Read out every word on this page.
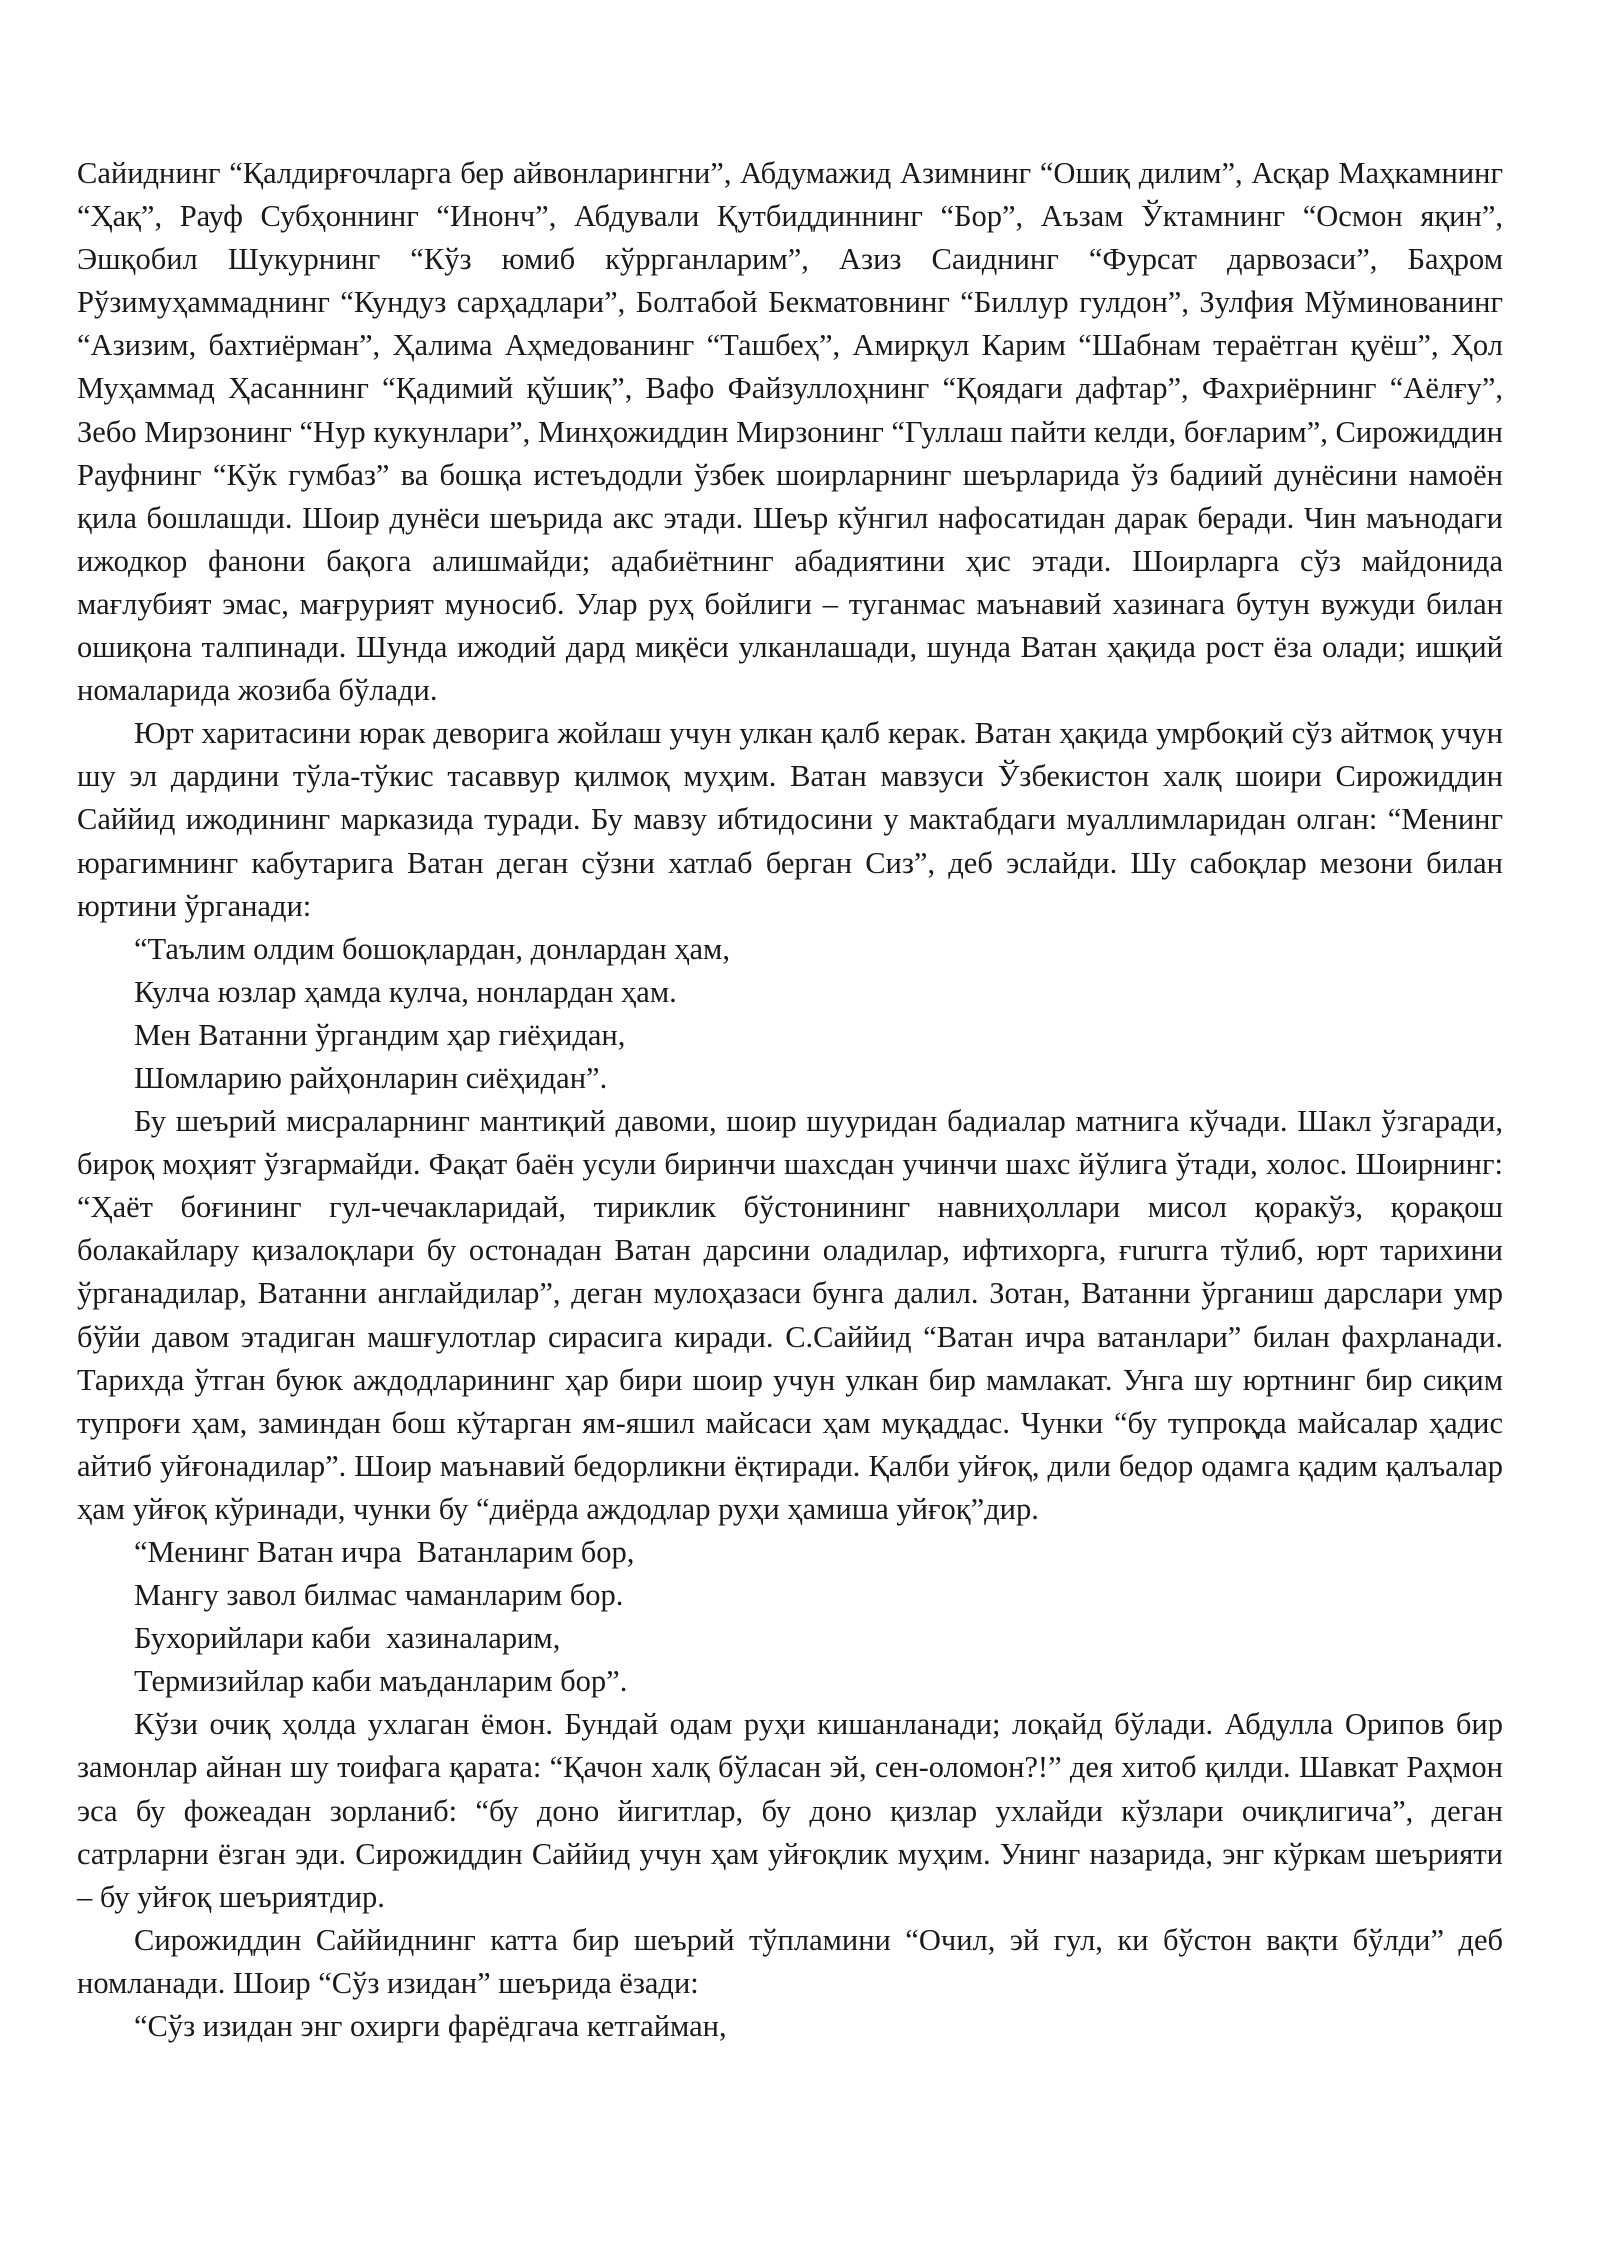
Сайиднинг “Қалдирғочларга бер айвонларингни”, Абдумажид Азимнинг “Ошиқ дилим”, Асқар Маҳкамнинг “Ҳақ”, Рауф Субҳоннинг “Инонч”, Абдували Қутбиддиннинг “Бор”, Аъзам Ўктамнинг “Осмон яқин”, Эшқобил Шукурнинг “Кўз юмиб кўррганларим”, Азиз Саиднинг “Фурсат дарвозаси”, Баҳром Рўзимуҳаммаднинг “Кундуз сарҳадлари”, Болтабой Бекматовнинг “Биллур гулдон”, Зулфия Мўминованинг “Азизим, бахтиёрман”, Ҳалима Аҳмедованинг “Ташбеҳ”, Амирқул Карим “Шабнам тераётган қуёш”, Ҳол Муҳаммад Ҳасаннинг “Қадимий қўшиқ”, Вафо Файзуллоҳнинг “Қоядаги дафтар”, Фахриёрнинг “Аёлғу”, Зебо Мирзонинг “Нур кукунлари”, Минҳожиддин Мирзонинг “Гуллаш пайти келди, боғларим”, Сирожиддин Рауфнинг “Кўк гумбаз” ва бошқа истеъдодли ўзбек шоирларнинг шеърларида ўз бадиий дунёсини намоён қила бошлашди. Шоир дунёси шеърида акс этади. Шеър кўнгил нафосатидан дарак беради. Чин маънодаги ижодкор фанони бақога алишмайди; адабиётнинг абадиятини ҳис этади. Шоирларга сўз майдонида мағлубият эмас, мағрурият муносиб. Улар руҳ бойлиги – туганмас маънавий хазинага бутун вужуди билан ошиқона талпинади. Шунда ижодий дард миқёси улканлашади, шунда Ватан ҳақида рост ёза олади; ишқий номаларида жозиба бўлади.

Юрт харитасини юрак деворига жойлаш учун улкан қалб керак. Ватан ҳақида умрбоқий сўз айтмоқ учун шу эл дардини тўла-тўкис тасаввур қилмоқ муҳим. Ватан мавзуси Ўзбекистон халқ шоири Сирожиддин Саййид ижодининг марказида туради. Бу мавзу ибтидосини у мактабдаги муаллимларидан олган: “Менинг юрагимнинг кабутарига Ватан деган сўзни хатлаб берган Сиз”, деб эслайди. Шу сабоқлар мезони билан юртини ўрганади:

“Таълим олдим бошоқлардан, донлардан ҳам,
Кулча юзлар ҳамда кулча, нонлардан ҳам.
Мен Ватанни ўргандим ҳар гиёҳидан,
Шомларию райҳонларин сиёҳидан”.

Бу шеърий мисраларнинг мантиқий давоми, шоир шууридан бадиалар матнига кўчади. Шакл ўзгаради, бироқ моҳият ўзгармайди. Фақат баён усули биринчи шахсдан учинчи шахс йўлига ўтади, холос. Шоирнинг: “Ҳаёт боғининг гул-чечакларидай, тириклик бўстонининг навниҳоллари мисол қоракўз, қорақош болакайлару қизалоқлари бу остонадан Ватан дарсини оладилар, ифтихорга, ғururга тўлиб, юрт тарихини ўрганадилар, Ватанни англайдилар”, деган мулоҳазаси бунга далил. Зотан, Ватанни ўрганиш дарслари умр бўйи давом этадиган машғулотлар сирасига киради. С.Саййид “Ватан ичра ватанлари” билан фахрланади. Тарихда ўтган буюк аждодларининг ҳар бири шоир учун улкан бир мамлакат. Унга шу юртнинг бир сиқим тупроғи ҳам, заминдан бош кўтарган ям-яшил майсаси ҳам муқаддас. Чунки “бу тупроқда майсалар ҳадис айтиб уйғонадилар”. Шоир маънавий бедорликни ёқтиради. Қалби уйғоқ, дили бедор одамга қадим қалъалар ҳам уйғоқ кўринади, чунки бу “диёрда аждодлар руҳи ҳамиша уйғоқ”дир.

“Менинг Ватан ичра  Ватанларим бор,
Мангу завол билмас чаманларим бор.
Бухорийлари каби  хазиналарим,
Термизийлар каби маъданларим бор”.

Кўзи очиқ ҳолда ухлаган ёмон. Бундай одам руҳи кишанланади; лоқайд бўлади. Абдулла Орипов бир замонлар айнан шу тоифага қарата: “Қачон халқ бўласан эй, сен-оломон?!” дея хитоб қилди. Шавкат Раҳмон эса бу фожеадан зорланиб: “бу доно йигитлар, бу доно қизлар ухлайди кўзлари очиқлигича”, деган сатрларни ёзган эди. Сирожиддин Саййид учун ҳам уйғоқлик муҳим. Унинг назарида, энг кўркам шеърияти – бу уйғоқ шеъриятдир.

Сирожиддин Саййиднинг катта бир шеърий тўпламини “Очил, эй гул, ки бўстон вақти бўлди” деб номланади. Шоир “Сўз изидан” шеърида ёзади:

“Сўз изидан энг охирги фарёдгача кетгайман,
